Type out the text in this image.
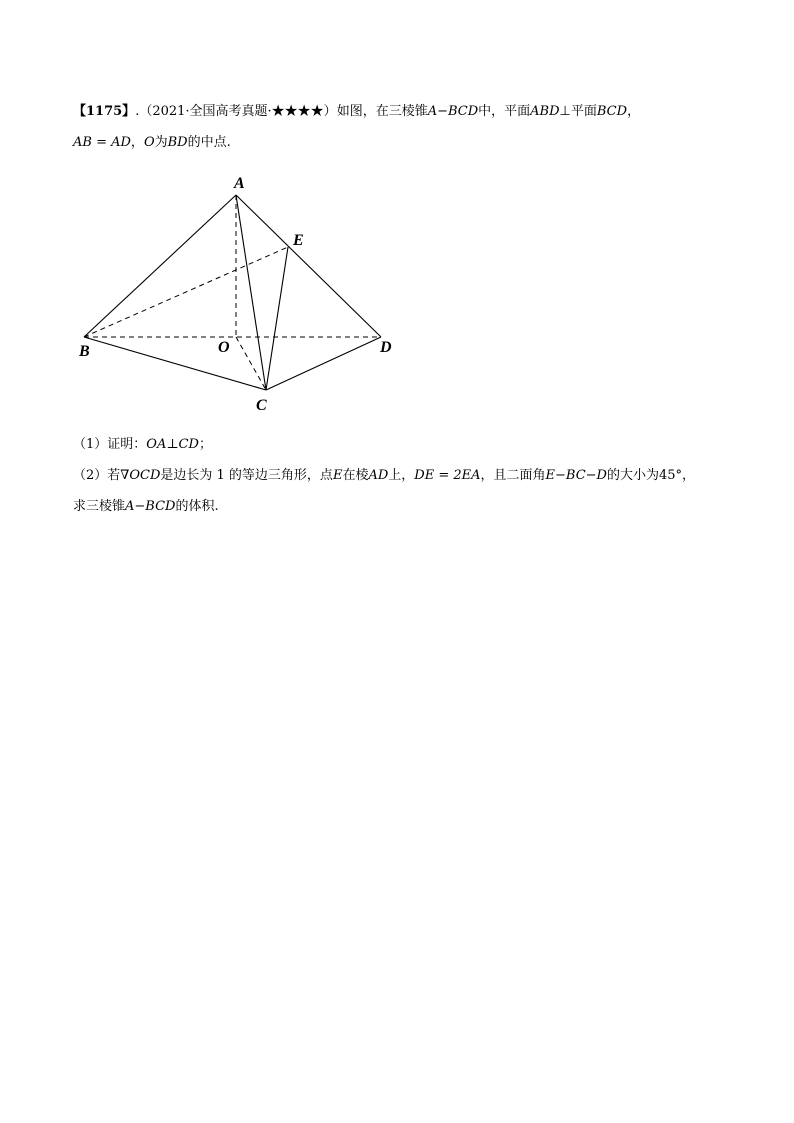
【1175】.（2021·全国高考真题·★★★★）如图，在三棱锥A−BCD中，平面ABD⊥平面BCD，
AB = AD，O为BD的中点.
A
E
B	O	D
C
（1）证明：OA⊥CD；
（2）若∇OCD是边长为 1 的等边三角形，点E在棱AD上，DE = 2EA，且二面角E−BC−D的大小为45°，
求三棱锥A−BCD的体积.
